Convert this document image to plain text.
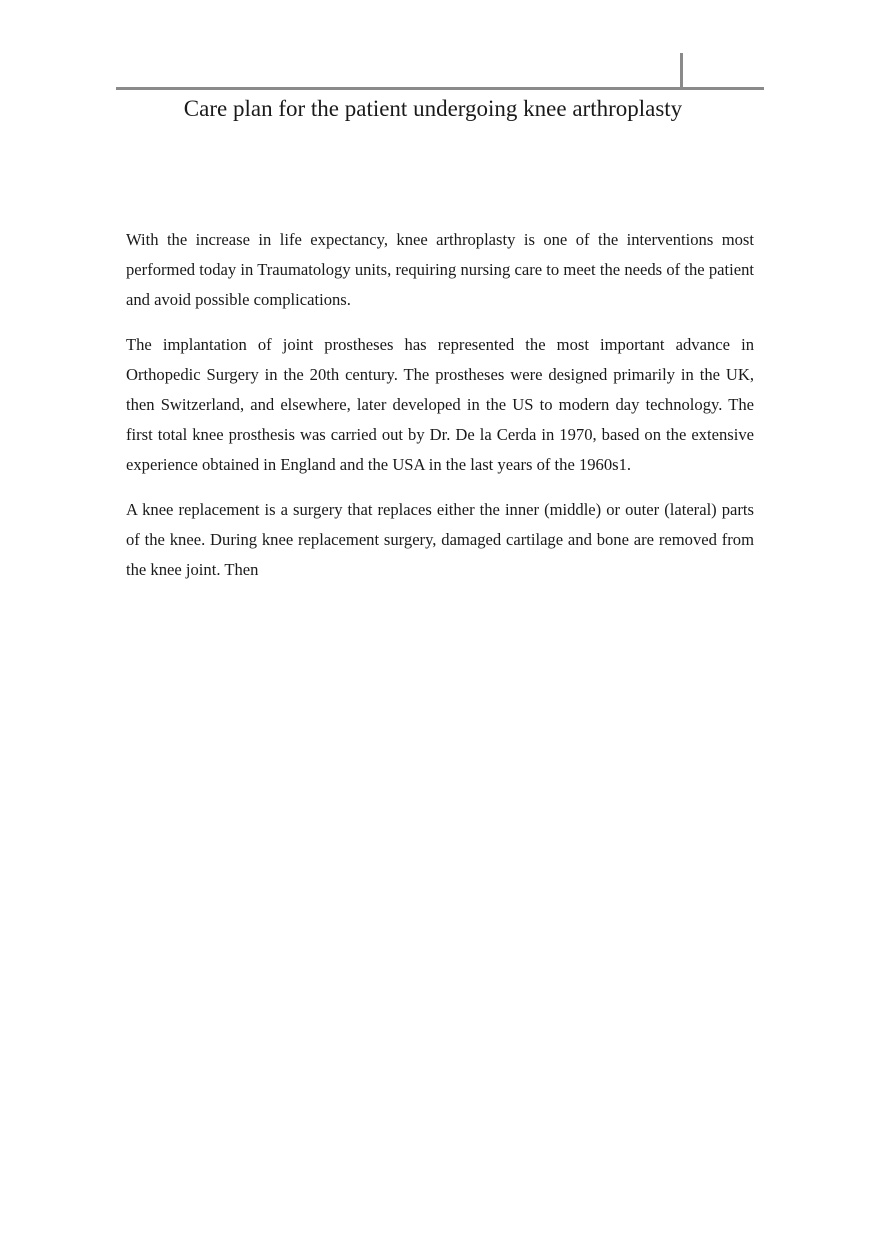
Care plan for the patient undergoing knee arthroplasty

With the increase in life expectancy, knee arthroplasty is one of the interventions most performed today in Traumatology units, requiring nursing care to meet the needs of the patient and avoid possible complications.

The implantation of joint prostheses has represented the most important advance in Orthopedic Surgery in the 20th century. The prostheses were designed primarily in the UK, then Switzerland, and elsewhere, later developed in the US to modern day technology. The first total knee prosthesis was carried out by Dr. De la Cerda in 1970, based on the extensive experience obtained in England and the USA in the last years of the 1960s1.

A knee replacement is a surgery that replaces either the inner (middle) or outer (lateral) parts of the knee. During knee replacement surgery, damaged cartilage and bone are removed from the knee joint. Then
